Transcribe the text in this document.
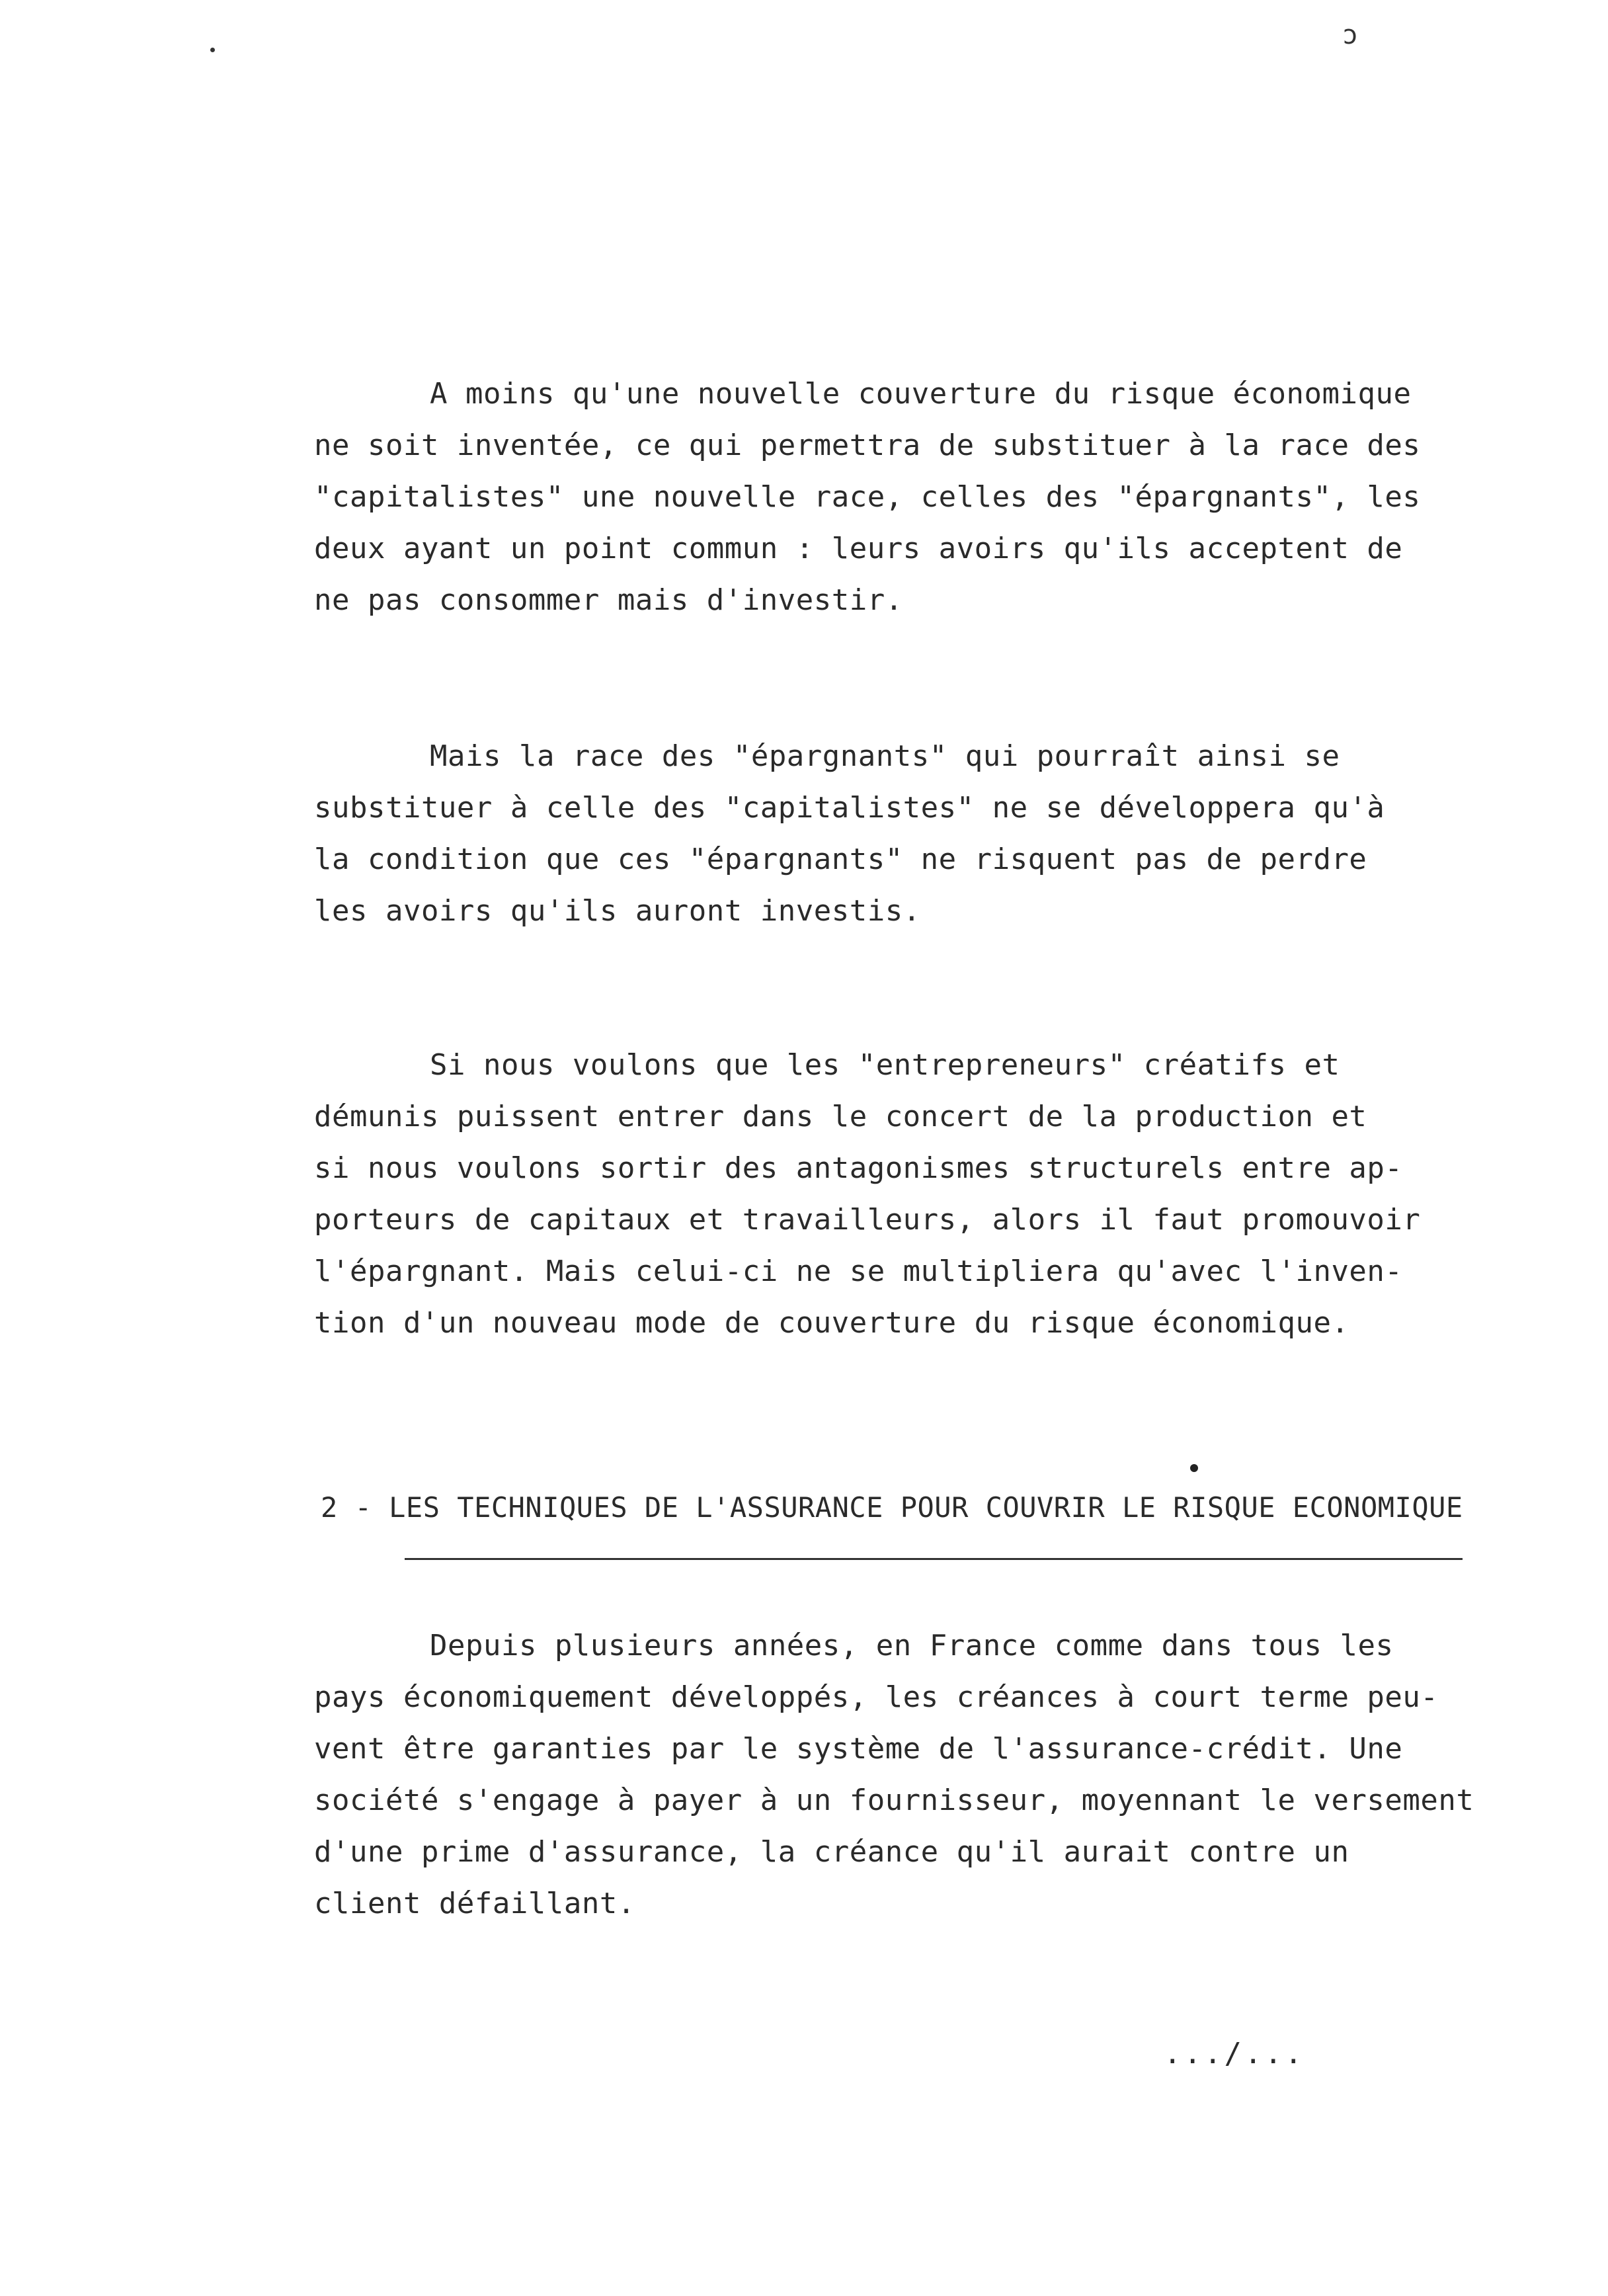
ɔ
A moins qu'une nouvelle couverture du risque économique
ne soit inventée, ce qui permettra de substituer à la race des
"capitalistes" une nouvelle race, celles des "épargnants", les
deux ayant un point commun : leurs avoirs qu'ils acceptent de
ne pas consommer mais d'investir.
Mais la race des "épargnants" qui pourraît ainsi se
substituer à celle des "capitalistes" ne se développera qu'à
la condition que ces "épargnants" ne risquent pas de perdre
les avoirs qu'ils auront investis.
Si nous voulons que les "entrepreneurs" créatifs et
démunis puissent entrer dans le concert de la production et
si nous voulons sortir des antagonismes structurels entre ap-
porteurs de capitaux et travailleurs, alors il faut promouvoir
l'épargnant. Mais celui-ci ne se multipliera qu'avec l'inven-
tion d'un nouveau mode de couverture du risque économique.
2 - LES TECHNIQUES DE L'ASSURANCE POUR COUVRIR LE RISQUE ECONOMIQUE
Depuis plusieurs années, en France comme dans tous les
pays économiquement développés, les créances à court terme peu-
vent être garanties par le système de l'assurance-crédit. Une
société s'engage à payer à un fournisseur, moyennant le versement
d'une prime d'assurance, la créance qu'il aurait contre un
client défaillant.
.../...
